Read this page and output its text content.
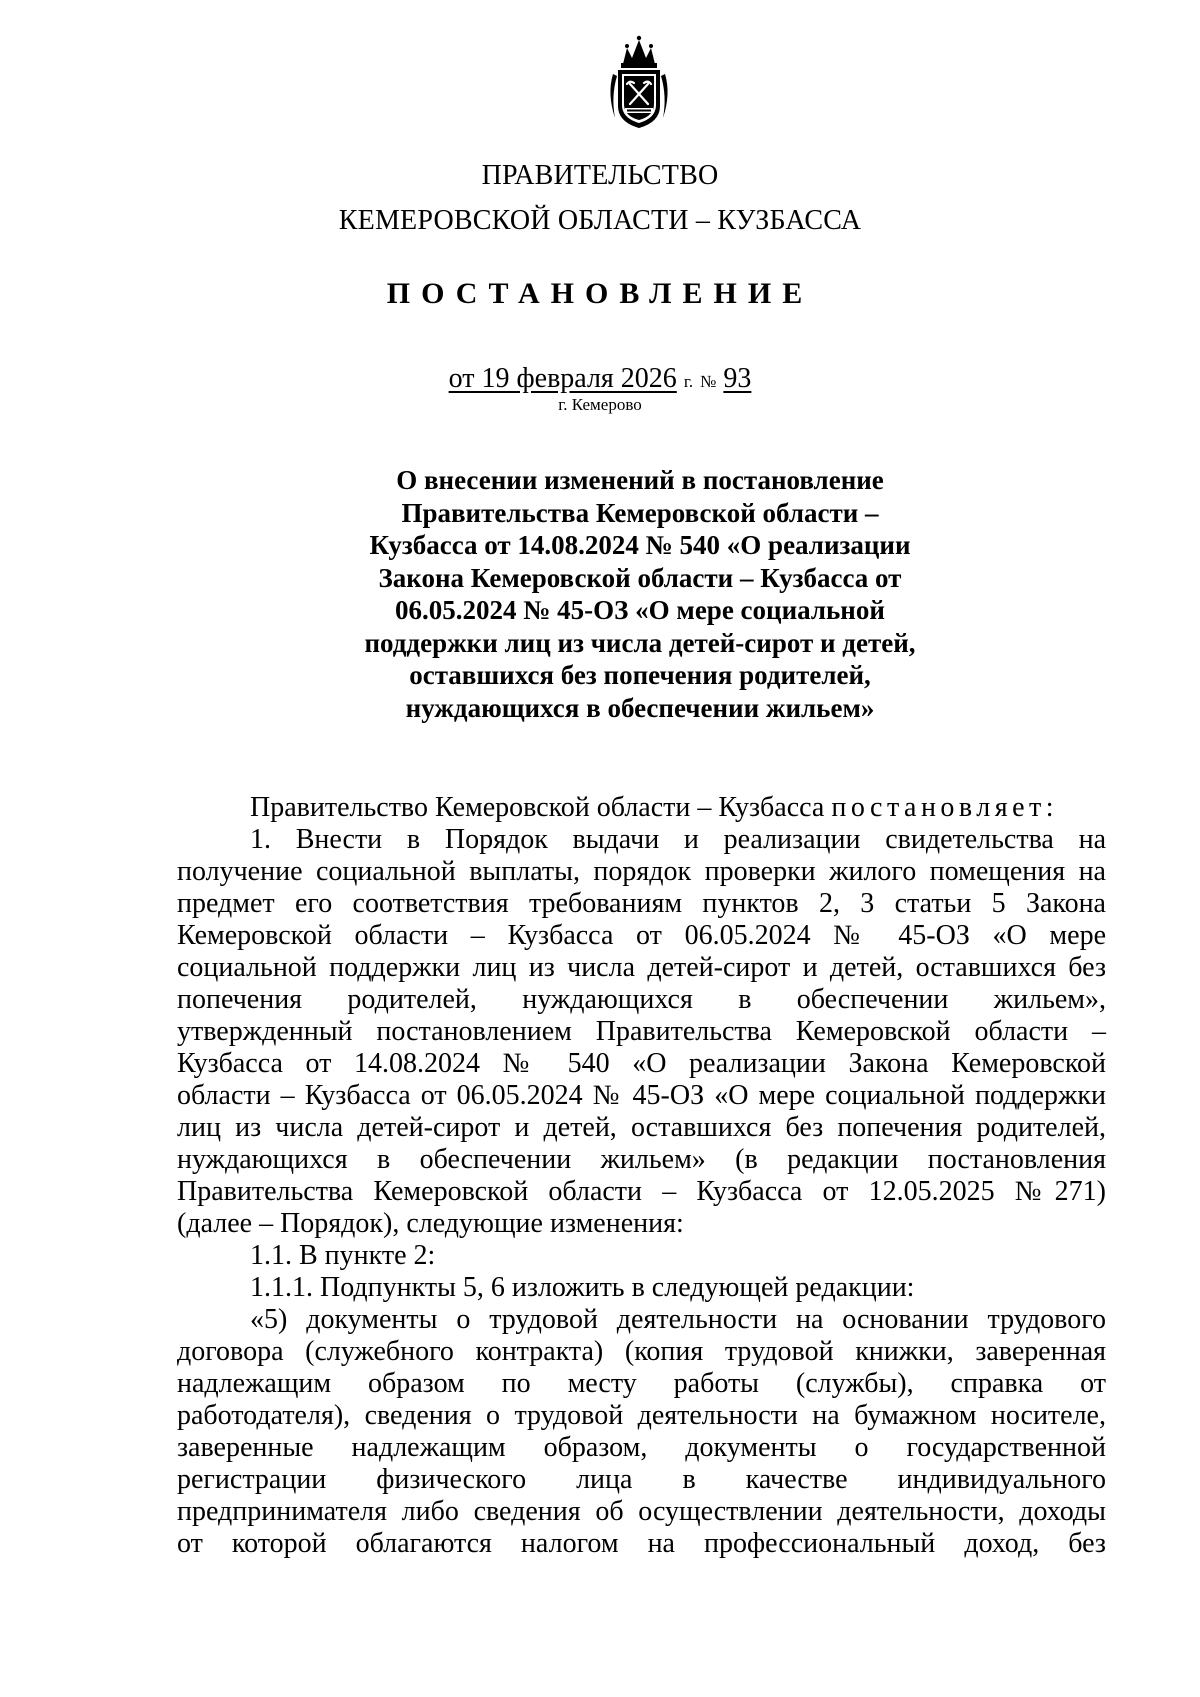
ПРАВИТЕЛЬСТВО
КЕМЕРОВСКОЙ ОБЛАСТИ – КУЗБАССА
ПОСТАНОВЛЕНИЕ
от 19 февраля 2026 г. № 93
г. Кемерово
О внесении изменений в постановление
Правительства Кемеровской области –
Кузбасса от 14.08.2024 № 540 «О реализации
Закона Кемеровской области – Кузбасса от
06.05.2024 № 45-ОЗ «О мере социальной
поддержки лиц из числа детей-сирот и детей,
оставшихся без попечения родителей,
нуждающихся в обеспечении жильем»
Правительство Кемеровской области – Кузбасса постановляет:
1. Внести в Порядок выдачи и реализации свидетельства на
получение социальной выплаты, порядок проверки жилого помещения на
предмет его соответствия требованиям пунктов 2, 3 статьи 5 Закона
Кемеровской области – Кузбасса от 06.05.2024 № 45-ОЗ «О мере
социальной поддержки лиц из числа детей-сирот и детей, оставшихся без
попечения родителей, нуждающихся в обеспечении жильем»,
утвержденный постановлением Правительства Кемеровской области –
Кузбасса от 14.08.2024 № 540 «О реализации Закона Кемеровской
области – Кузбасса от 06.05.2024 № 45-ОЗ «О мере социальной поддержки
лиц из числа детей-сирот и детей, оставшихся без попечения родителей,
нуждающихся в обеспечении жильем» (в редакции постановления
Правительства Кемеровской области – Кузбасса от 12.05.2025 №271)
(далее – Порядок), следующие изменения:
1.1. В пункте 2:
1.1.1. Подпункты 5, 6 изложить в следующей редакции:
«5) документы о трудовой деятельности на основании трудового
договора (служебного контракта) (копия трудовой книжки, заверенная
надлежащим образом по месту работы (службы), справка от
работодателя), сведения о трудовой деятельности на бумажном носителе,
заверенные надлежащим образом, документы о государственной
регистрации физического лица в качестве индивидуального
предпринимателя либо сведения об осуществлении деятельности, доходы
от которой облагаются налогом на профессиональный доход, без
